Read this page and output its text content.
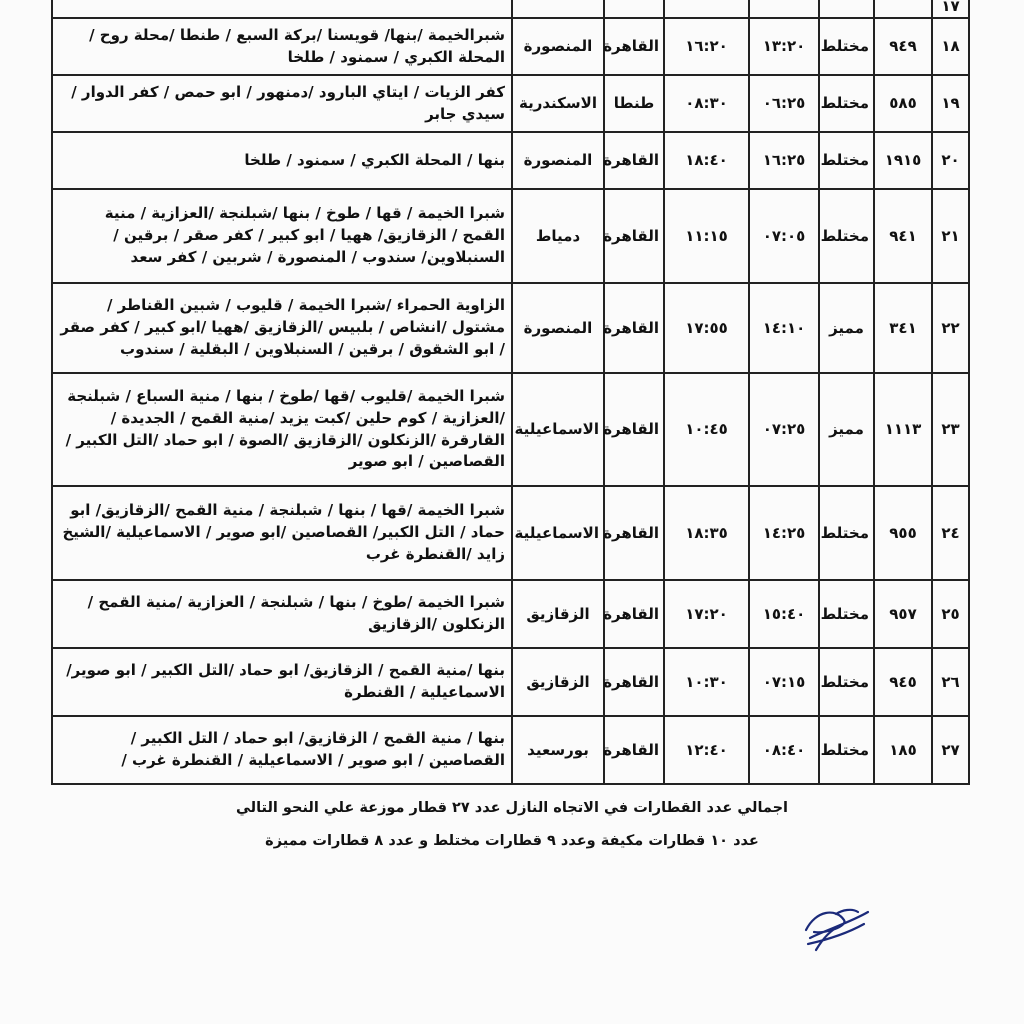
١٧							
١٨	٩٤٩	مختلط	١٣:٢٠	١٦:٢٠	القاهرة	المنصورة	شبرالخيمة /بنها/ قويسنا /بركة السبع / طنطا /محلة روح / المحلة الكبري / سمنود / طلخا
١٩	٥٨٥	مختلط	٠٦:٢٥	٠٨:٣٠	طنطا	الاسكندرية	كفر الزيات / ايتاي البارود /دمنهور / ابو حمص / كفر الدوار / سيدي جابر
٢٠	١٩١٥	مختلط	١٦:٢٥	١٨:٤٠	القاهرة	المنصورة	بنها / المحلة الكبري / سمنود / طلخا
٢١	٩٤١	مختلط	٠٧:٠٥	١١:١٥	القاهرة	دمياط	شبرا الخيمة / قها / طوخ / بنها /شبلنجة /العزازية / منية القمح / الزقازيق/ ههيا / ابو كبير / كفر صقر / برقين / السنبلاوين/ سندوب / المنصورة / شربين / كفر سعد
٢٢	٣٤١	مميز	١٤:١٠	١٧:٥٥	القاهرة	المنصورة	الزاوية الحمراء /شبرا الخيمة / قليوب / شبين القناطر / مشتول /انشاص / بلبيس /الزقازيق /ههيا /ابو كبير / كفر صقر / ابو الشقوق / برقين / السنبلاوين / البقلية / سندوب
٢٣	١١١٣	مميز	٠٧:٢٥	١٠:٤٥	القاهرة	الاسماعيلية	شبرا الخيمة /قليوب /قها /طوخ / بنها / منية السباع / شبلنجة /العزازية / كوم حلين /كبت يزيد /منية القمح / الجديدة / القارقرة /الزنكلون /الزقازيق /الصوة / ابو حماد /التل الكبير / القصاصين / ابو صوير
٢٤	٩٥٥	مختلط	١٤:٢٥	١٨:٣٥	القاهرة	الاسماعيلية	شبرا الخيمة /قها / بنها / شبلنجة / منية القمح /الزقازيق/ ابو حماد / التل الكبير/ القصاصين /ابو صوير / الاسماعيلية /الشيخ زايد /القنطرة غرب
٢٥	٩٥٧	مختلط	١٥:٤٠	١٧:٢٠	القاهرة	الزقازيق	شبرا الخيمة /طوخ / بنها / شبلنجة / العزازية /منية القمح / الزنكلون /الزقازيق
٢٦	٩٤٥	مختلط	٠٧:١٥	١٠:٣٠	القاهرة	الزقازيق	بنها /منية القمح / الزقازيق/ ابو حماد /التل الكبير / ابو صوير/ الاسماعيلية / القنطرة
٢٧	١٨٥	مختلط	٠٨:٤٠	١٢:٤٠	القاهرة	بورسعيد	بنها / منية القمح / الزقازيق/ ابو حماد / التل الكبير /القصاصين / ابو صوير / الاسماعيلية / القنطرة غرب /
اجمالي عدد القطارات في الاتجاه النازل عدد ٢٧ قطار موزعة علي النحو التالي
عدد ١٠ قطارات مكيفة وعدد ٩ قطارات مختلط و عدد ٨ قطارات مميزة
